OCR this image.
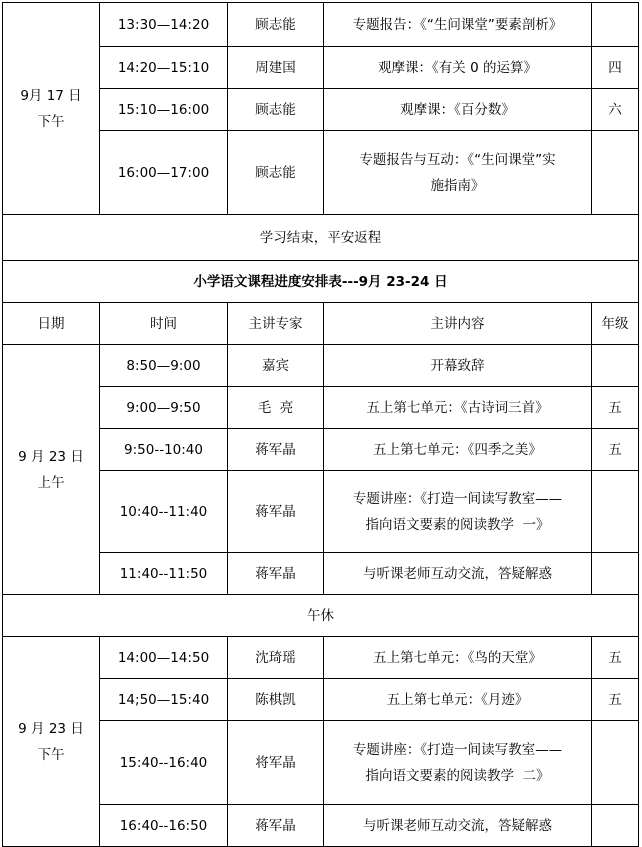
9月 17 日
下午	13:30—14:20	顾志能	专题报告：《“生问课堂”要素剖析》	
	14:20—15:10	周建国	观摩课：《有关 0 的运算》	四
	15:10—16:00	顾志能	观摩课：《百分数》	六
	16:00—17:00	顾志能	专题报告与互动：《“生问课堂”实
施指南》	

学习结束，平安返程				
小学语文课程进度安排表---9月 23-24 日				
日期	时间	主讲专家	主讲内容	年级

9 月 23 日
上午	8:50—9:00	嘉宾	开幕致辞	
	9:00—9:50	毛  亮	五上第七单元：《古诗词三首》	五
	9:50--10:40	蒋军晶	五上第七单元：《四季之美》	五
	10:40--11:40	蒋军晶	专题讲座：《打造一间读写教室——
指向语文要素的阅读教学  一》	

	11:40--11:50	蒋军晶	与听课老师互动交流，答疑解惑	
午休				

9 月 23 日
下午	14:00—14:50	沈琦瑶	五上第七单元：《鸟的天堂》	五
	14;50—15:40	陈棋凯	五上第七单元：《月迹》	五
	15:40--16:40	将军晶	专题讲座：《打造一间读写教室——
指向语文要素的阅读教学  二》	

	16:40--16:50	蒋军晶	与听课老师互动交流，答疑解惑	
